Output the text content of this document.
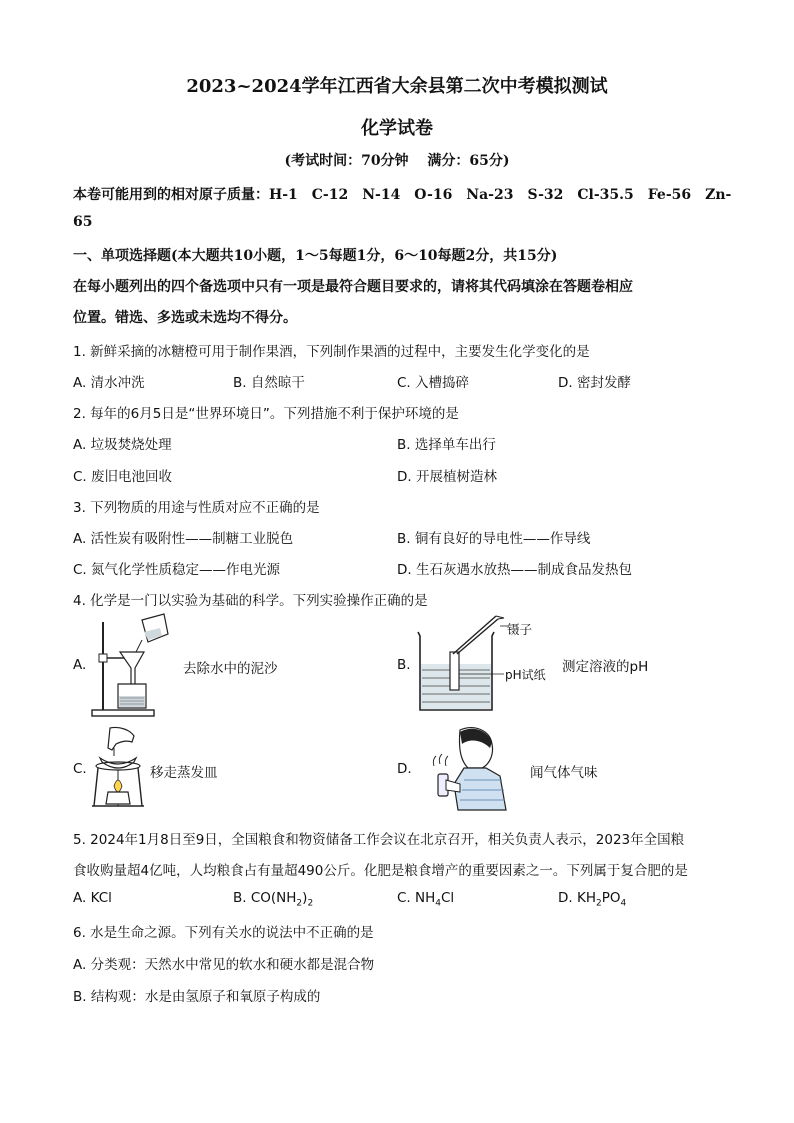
2023~2024学年江西省大余县第二次中考模拟测试
化学试卷
(考试时间：70分钟　 满分：65分)
本卷可能用到的相对原子质量：H-1　C-12　N-14　O-16　Na-23　S-32　Cl-35.5　Fe-56　Zn-
65
一、单项选择题(本大题共10小题，1～5每题1分，6～10每题2分，共15分)
在每小题列出的四个备选项中只有一项是最符合题目要求的，请将其代码填涂在答题卷相应
位置。错选、多选或未选均不得分。
1. 新鲜采摘的冰糖橙可用于制作果酒，下列制作果酒的过程中，主要发生化学变化的是
A. 清水冲洗	B. 自然晾干	C. 入槽捣碎	D. 密封发酵
2. 每年的6月5日是“世界环境日”。下列措施不利于保护环境的是
A. 垃圾焚烧处理	B. 选择单车出行
C. 废旧电池回收	D. 开展植树造林
3. 下列物质的用途与性质对应不正确的是
A. 活性炭有吸附性——制糖工业脱色	B. 铜有良好的导电性——作导线
C. 氮气化学性质稳定——作电光源	D. 生石灰遇水放热——制成食品发热包
4. 化学是一门以实验为基础的科学。下列实验操作正确的是
A.	去除水中的泥沙	B.
镊子
pH试纸 测定溶液的pH
C.	移走蒸发皿	D.	闻气体气味
5. 2024年1月8日至9日，全国粮食和物资储备工作会议在北京召开，相关负责人表示，2023年全国粮
食收购量超4亿吨，人均粮食占有量超490公斤。化肥是粮食增产的重要因素之一。下列属于复合肥的是
A. KCl	B. $CO(NH_2)_2$	C. $NH_4Cl$	D. $KH_2PO_4$
6. 水是生命之源。下列有关水的说法中不正确的是
A. 分类观：天然水中常见的软水和硬水都是混合物
B. 结构观：水是由氢原子和氧原子构成的
